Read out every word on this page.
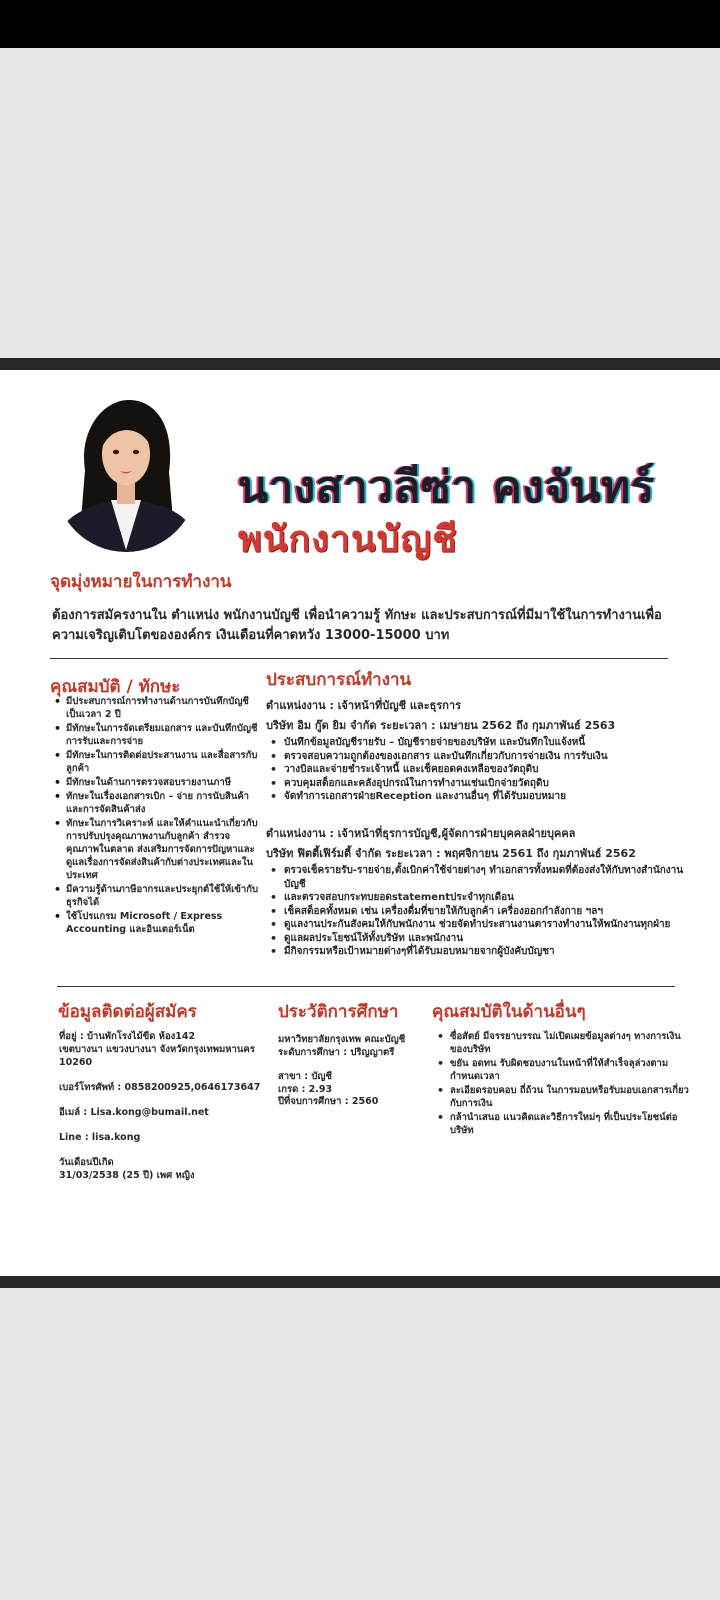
นางสาวลีซ่า คงจันทร์
พนักงานบัญชี
จุดมุ่งหมายในการทำงาน
ต้องการสมัครงานใน ตำแหน่ง พนักงานบัญชี เพื่อนำความรู้ ทักษะ และประสบการณ์ที่มีมาใช้ในการทำงานเพื่อความเจริญเติบโตขององค์กร เงินเดือนที่คาดหวัง 13000-15000 บาท
คุณสมบัติ / ทักษะ
• มีประสบการณ์การทำงานด้านการบันทึกบัญชีเป็นเวลา 2 ปี
• มีทักษะในการจัดเตรียมเอกสาร และบันทึกบัญชีการรับและการจ่าย
• มีทักษะในการติดต่อประสานงาน และสื่อสารกับลูกค้า
• มีทักษะในด้านการตรวจสอบรายงานภาษี
• ทักษะในเรื่องเอกสารเบิก – จ่าย การนับสินค้า และการจัดสินค้าส่ง
• ทักษะในการวิเคราะห์ และให้คำแนะนำเกี่ยวกับการปรับปรุงคุณภาพงานกับลูกค้า สำรวจคุณภาพในตลาด ส่งเสริมการจัดการปัญหาและดูแลเรื่องการจัดส่งสินค้ากับต่างประเทศและในประเทศ
• มีความรู้ด้านภาษีอากรและประยุกต์ใช้ให้เข้ากับธุรกิจได้
• ใช้โปรแกรม Microsoft / Express Accounting และอินเตอร์เน็ต
ประสบการณ์ทำงาน
ตำแหน่งงาน : เจ้าหน้าที่บัญชี และธุรการ
บริษัท อิม กู๊ด ยิม จำกัด ระยะเวลา : เมษายน 2562 ถึง กุมภาพันธ์ 2563
• บันทึกข้อมูลบัญชีรายรับ – บัญชีรายจ่ายของบริษัท และบันทึกใบแจ้งหนี้
• ตรวจสอบความถูกต้องของเอกสาร และบันทึกเกี่ยวกับการจ่ายเงิน การรับเงิน
• วางบิลและจ่ายชำระเจ้าหนี้ และเช็คยอดคงเหลือของวัตถุดิบ
• ควบคุมสต็อกและคลังอุปกรณ์ในการทำงานเช่นเบิกจ่ายวัตถุดิบ
• จัดทำการเอกสารฝ่ายReception และงานอื่นๆ ที่ได้รับมอบหมาย
ตำแหน่งงาน : เจ้าหน้าที่ธุรการบัญชี,ผู้จัดการฝ่ายบุคคลฝ่ายบุคคล
บริษัท ฟิตตี้เฟิร์มตี้ จำกัด ระยะเวลา : พฤศจิกายน 2561 ถึง กุมภาพันธ์ 2562
• ตรวจเช็ครายรับ-รายจ่าย,ตั้งเบิกค่าใช้จ่ายต่างๆ ทำเอกสารทั้งหมดที่ต้องส่งให้กับทางสำนักงานบัญชี
• และตรวจสอบกระทบยอดstatementประจำทุกเดือน
• เช็คสต็อคทั้งหมด เช่น เครื่องดื่มที่ขายให้กับลูกค้า เครื่องออกกำลังกาย ฯลฯ
• ดูแลงานประกันสังคมให้กับพนักงาน ช่วยจัดทำประสานงานตารางทำงานให้พนักงานทุกฝ่าย
• ดูแลผลประโยชน์ให้ทั้งบริษัท และพนักงาน
• มีกิจกรรมหรือเป้าหมายต่างๆที่ได้รับมอบหมายจากผู้บังคับบัญชา
ข้อมูลติดต่อผู้สมัคร	ประวัติการศึกษา คุณสมบัติในด้านอื่นๆ
ที่อยู่ : บ้านพักโรงไม้ขีด ห้อง142
เขตบางนา แขวงบางนา จังหวัดกรุงเทพมหานคร 10260
เบอร์โทรศัพท์ : 0858200925,0646173647
อีเมล์ : Lisa.kong@bumail.net
Line : lisa.kong
วันเดือนปีเกิด
31/03/2538 (25 ปี) เพศ หญิง
มหาวิทยาลัยกรุงเทพ คณะบัญชี
ระดับการศึกษา : ปริญญาตรี
สาขา : บัญชี
เกรด : 2.93
ปีที่จบการศึกษา : 2560
• ซื่อสัตย์ มีจรรยาบรรณ ไม่เปิดเผยข้อมูลต่างๆ ทางการเงินของบริษัท
• ขยัน อดทน รับผิดชอบงานในหน้าที่ให้สำเร็จลุล่วงตามกำหนดเวลา
• ละเอียดรอบคอบ ถี่ถ้วน ในการมอบหรือรับมอบเอกสารเกี่ยวกับการเงิน
• กล้านำเสนอ แนวคิดและวิธีการใหม่ๆ ที่เป็นประโยชน์ต่อบริษัท
